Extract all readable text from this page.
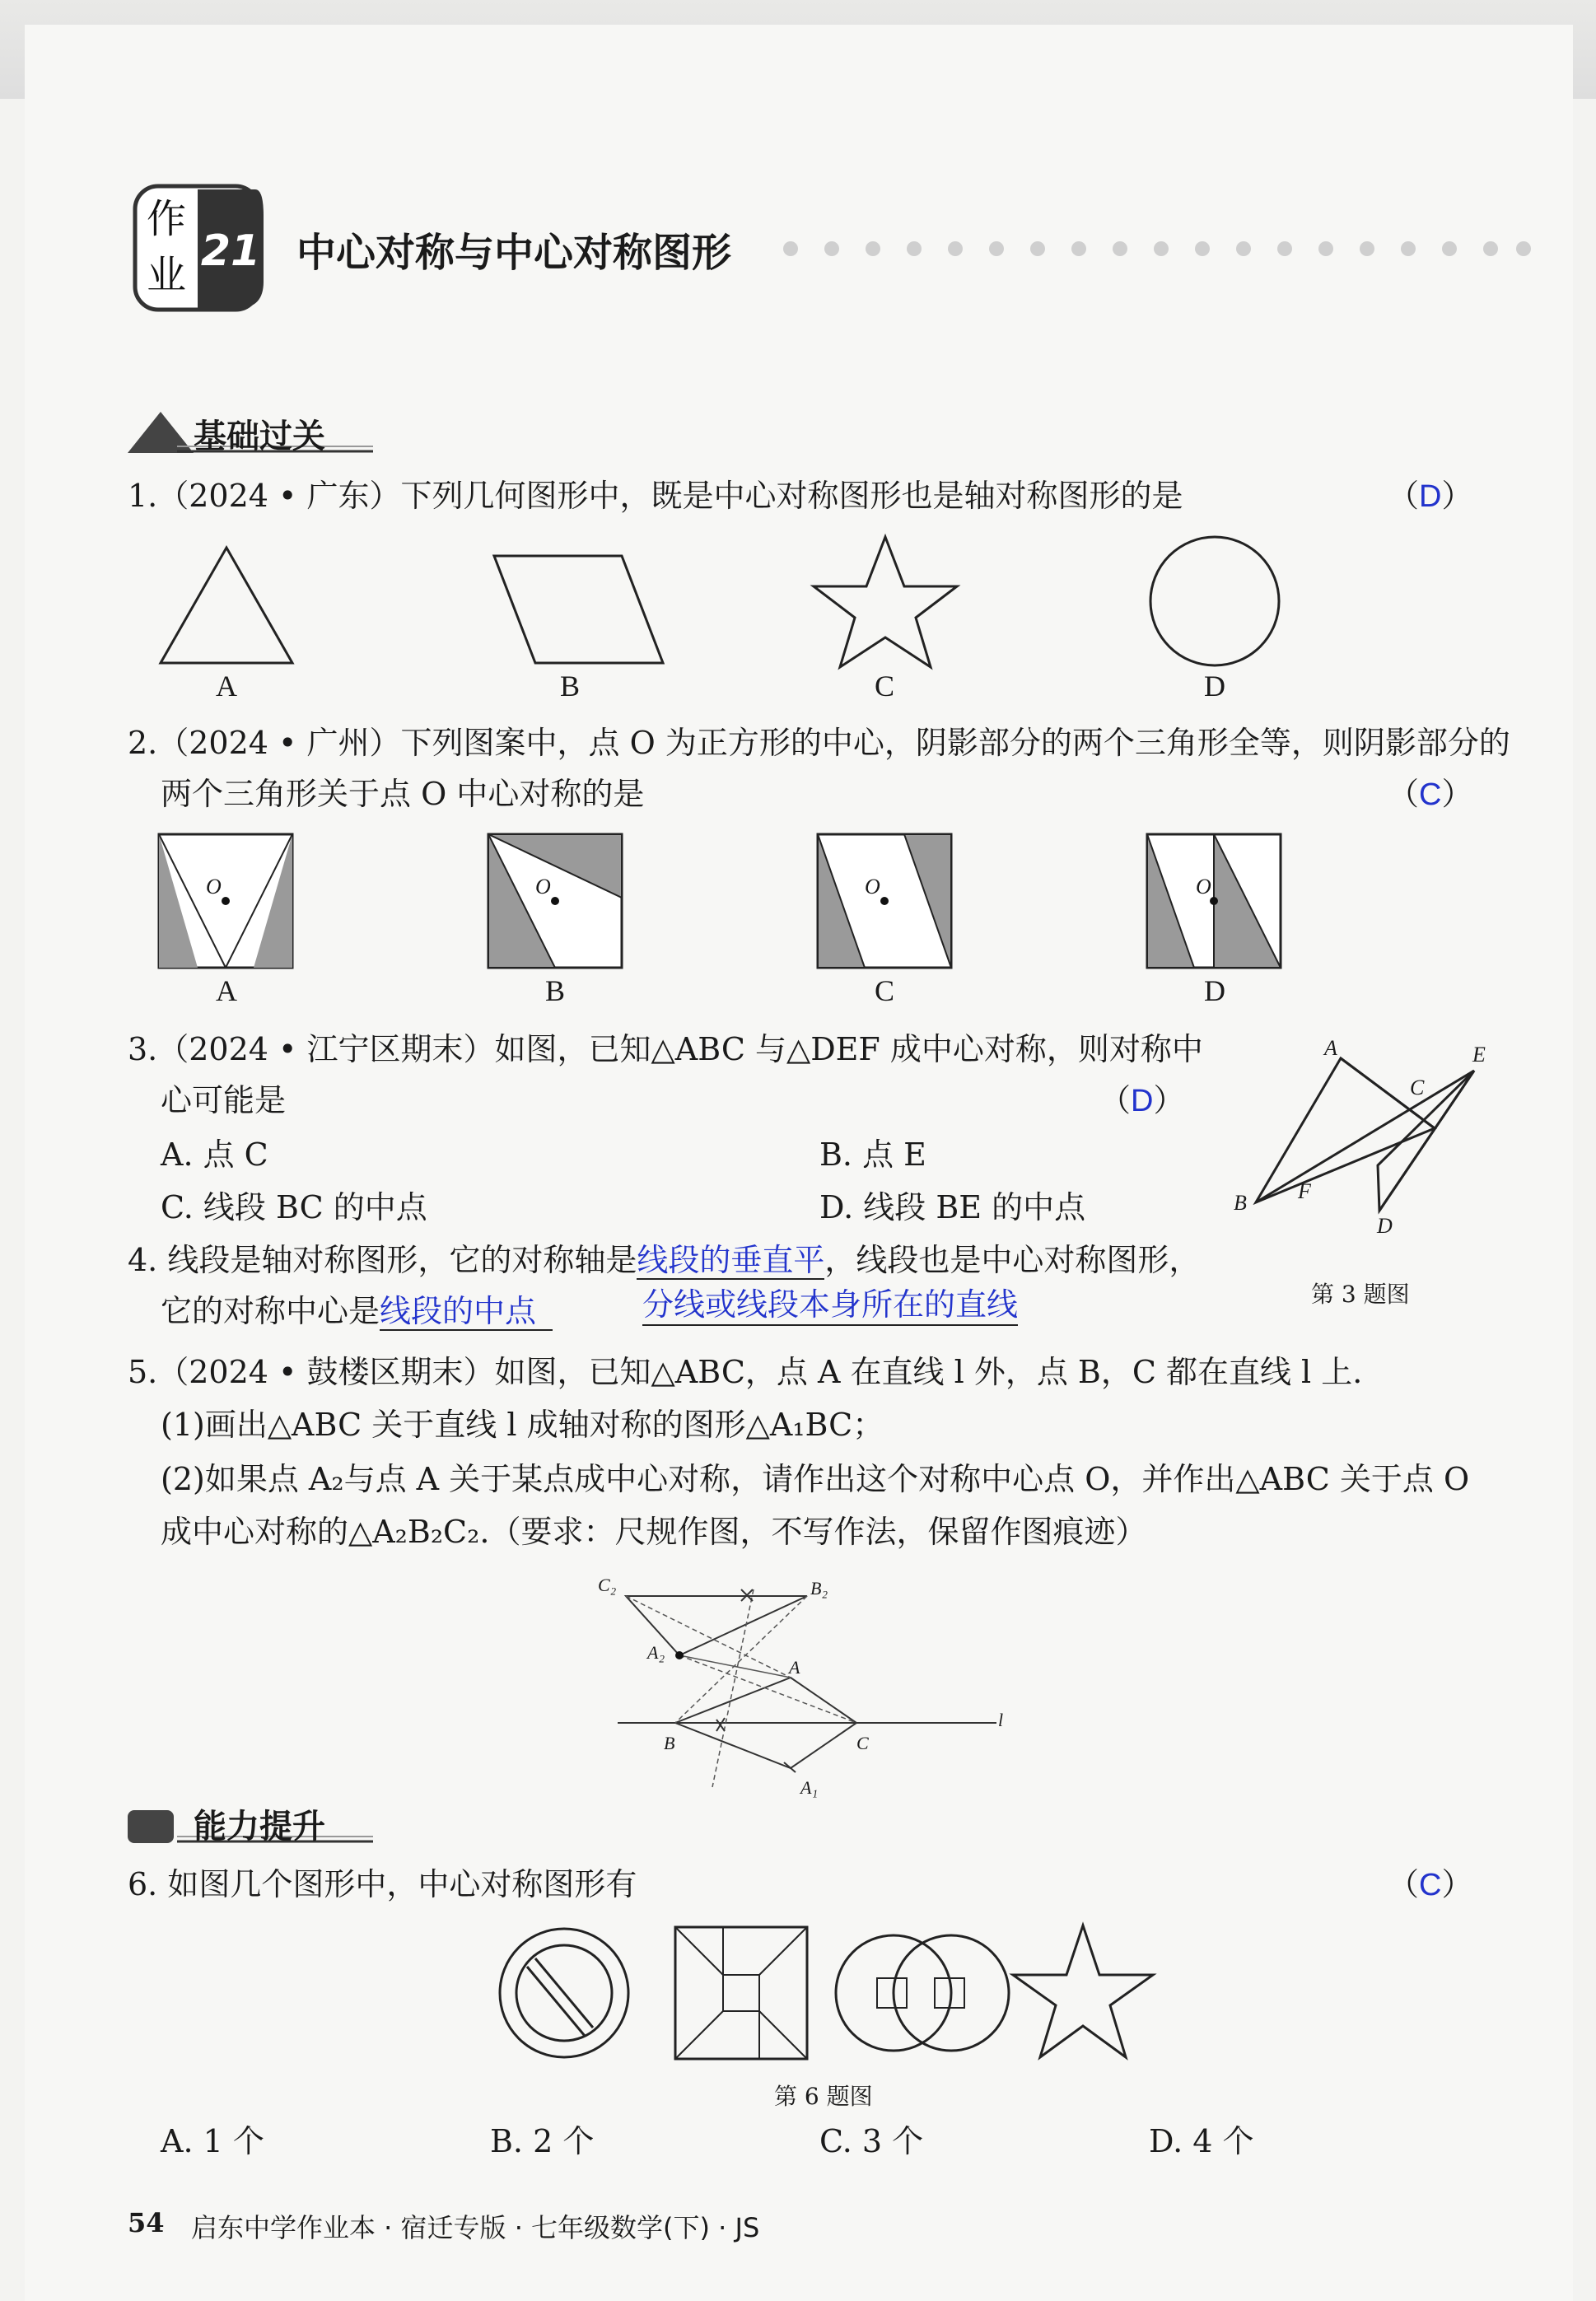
21
作
业	中心对称与中心对称图形
基础过关
1.（2024 • 广东）下列几何图形中，既是中心对称图形也是轴对称图形的是	（D）
A	B	C	D
2.（2024 • 广州）下列图案中，点 O 为正方形的中心，阴影部分的两个三角形全等，则阴影部分的
两个三角形关于点 O 中心对称的是	（C）
O	O	O	O
A	B	C	D
3.（2024 • 江宁区期末）如图，已知△ABC 与△DEF 成中心对称，则对称中
心可能是	（D）
A. 点 C	B. 点 E
C. 线段 BC 的中点	D. 线段 BE 的中点
A	E
C
B F
D
第 3 题图
4. 线段是轴对称图形，它的对称轴是线段的垂直平，线段也是中心对称图形，
它的对称中心是线段的中点	分线或线段本身所在的直线
5.（2024 • 鼓楼区期末）如图，已知△ABC，点 A 在直线 l 外，点 B，C 都在直线 l 上.
(1)画出△ABC 关于直线 l 成轴对称的图形△A₁BC；
(2)如果点 A₂与点 A 关于某点成中心对称，请作出这个对称中心点 O，并作出△ABC 关于点 O
成中心对称的△A₂B₂C₂.（要求：尺规作图，不写作法，保留作图痕迹）
C₂	B₂
A₂
A
B	C
A₁
l
能力提升
6. 如图几个图形中，中心对称图形有	（C）
第 6 题图
A. 1 个	B. 2 个	C. 3 个	D. 4 个
54 启东中学作业本 · 宿迁专版 · 七年级数学(下) · JS
